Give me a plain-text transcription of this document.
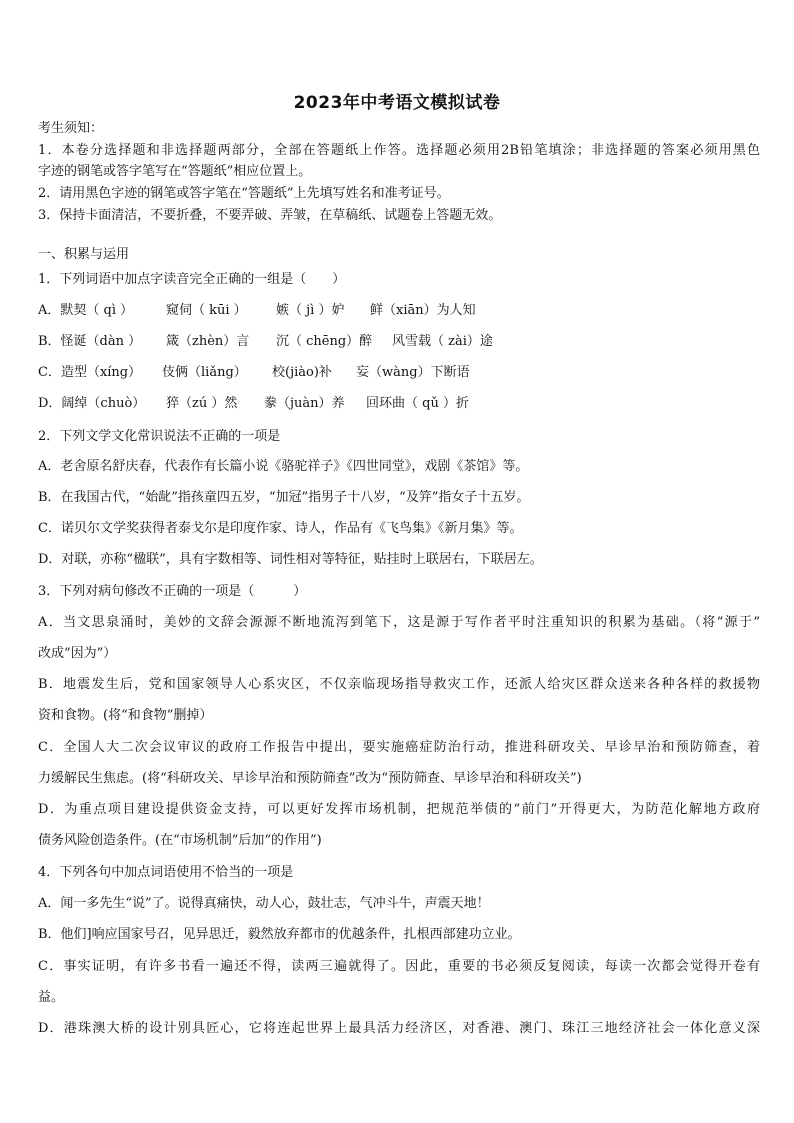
2023年中考语文模拟试卷
考生须知：
1．本卷分选择题和非选择题两部分，全部在答题纸上作答。选择题必须用2B铅笔填涂；非选择题的答案必须用黑色
字迹的钢笔或答字笔写在“答题纸”相应位置上。
2．请用黑色字迹的钢笔或答字笔在“答题纸”上先填写姓名和准考证号。
3．保持卡面清洁，不要折叠，不要弄破、弄皱，在草稿纸、试题卷上答题无效。
一、积累与运用
1．下列词语中加点字读音完全正确的一组是（　　）
A．默契（ qì ）	窥伺（ kūi ） 嫉（ jì ）妒 鲜（xiān）为人知
B．怪诞（dàn ） 箴（zhèn）言 沉（ chēng）醉 风雪载（ zài）途
C．造型（xíng） 伎俩（liǎng） 校(jiào)补 妄（wàng）下断语
D．阔绰（chuò） 猝（zú ）然 豢（juàn）养 回环曲（ qǔ ）折
2．下列文学文化常识说法不正确的一项是
A．老舍原名舒庆春，代表作有长篇小说《骆驼祥子》《四世同堂》，戏剧《茶馆》等。
B．在我国古代，“始龀”指孩童四五岁，“加冠”指男子十八岁，“及笄”指女子十五岁。
C．诺贝尔文学奖获得者泰戈尔是印度作家、诗人，作品有《飞鸟集》《新月集》等。
D．对联，亦称“楹联”，具有字数相等、词性相对等特征，贴挂时上联居右，下联居左。
3．下列对病句修改不正确的一项是（　　　）
A．当文思泉涌时，美妙的文辞会源源不断地流泻到笔下，这是源于写作者平时注重知识的积累为基础。（将“源于”
改成“因为”）
B．地震发生后，党和国家领导人心系灾区，不仅亲临现场指导救灾工作，还派人给灾区群众送来各种各样的救援物
资和食物。(将“和食物”删掉）
C．全国人大二次会议审议的政府工作报告中提出，要实施癌症防治行动，推进科研攻关、早诊早治和预防筛查，着
力缓解民生焦虑。(将“科研攻关、早诊早治和预防筛查”改为“预防筛查、早诊早治和科研攻关”)
D．为重点项目建设提供资金支持，可以更好发挥市场机制，把规范举债的“前门”开得更大，为防范化解地方政府
债务风险创造条件。(在“市场机制”后加“的作用”)
4．下列各句中加点词语使用不恰当的一项是
A．闻一多先生“说”了。说得真痛快，动人心，鼓壮志，气冲斗牛，声震天地！
B．他们]响应国家号召，见异思迁，毅然放弃都市的优越条件，扎根西部建功立业。
C．事实证明，有许多书看一遍还不得，读两三遍就得了。因此，重要的书必须反复阅读，每读一次都会觉得开卷有
益。
D．港珠澳大桥的设计别具匠心，它将连起世界上最具活力经济区，对香港、澳门、珠江三地经济社会一体化意义深
